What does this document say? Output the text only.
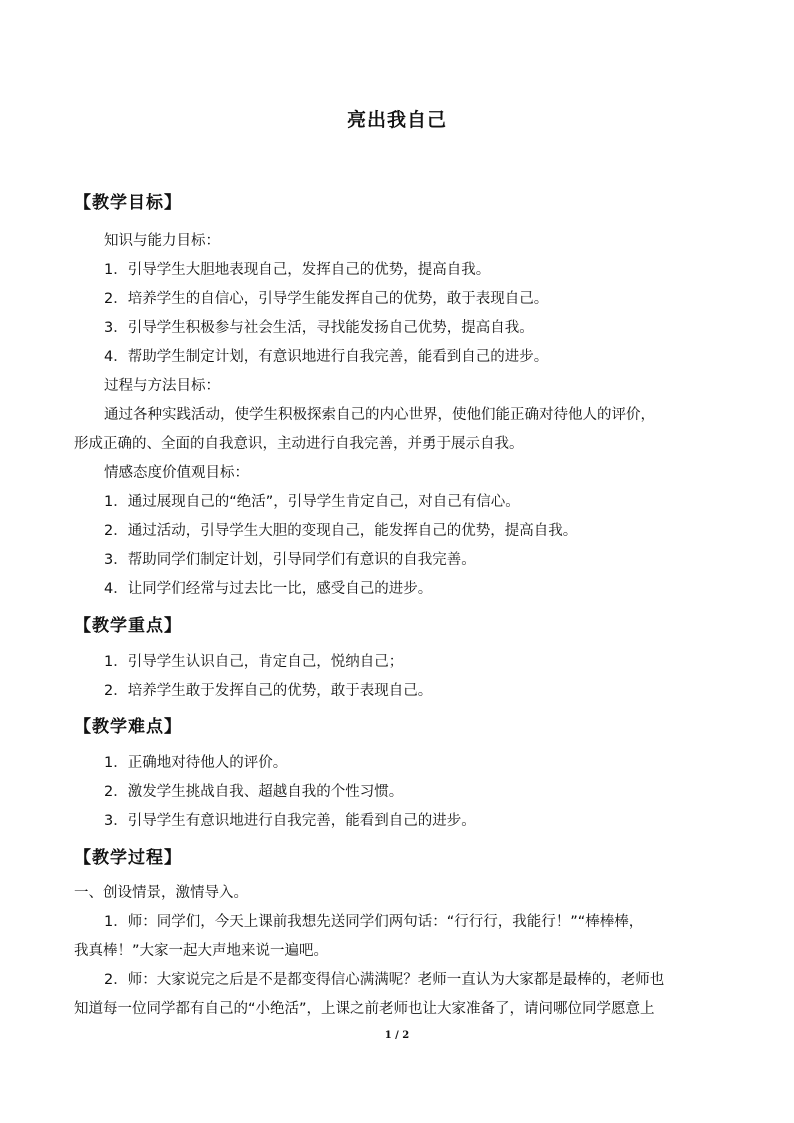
亮出我自己
【教学目标】
知识与能力目标：
1．引导学生大胆地表现自己，发挥自己的优势，提高自我。
2．培养学生的自信心，引导学生能发挥自己的优势，敢于表现自己。
3．引导学生积极参与社会生活，寻找能发扬自己优势，提高自我。
4．帮助学生制定计划，有意识地进行自我完善，能看到自己的进步。
过程与方法目标：
通过各种实践活动，使学生积极探索自己的内心世界，使他们能正确对待他人的评价，
形成正确的、全面的自我意识，主动进行自我完善，并勇于展示自我。
情感态度价值观目标：
1．通过展现自己的“绝活”，引导学生肯定自己，对自己有信心。
2．通过活动，引导学生大胆的变现自己，能发挥自己的优势，提高自我。
3．帮助同学们制定计划，引导同学们有意识的自我完善。
4．让同学们经常与过去比一比，感受自己的进步。
【教学重点】
1．引导学生认识自己，肯定自己，悦纳自己；
2．培养学生敢于发挥自己的优势，敢于表现自己。
【教学难点】
1．正确地对待他人的评价。
2．激发学生挑战自我、超越自我的个性习惯。
3．引导学生有意识地进行自我完善，能看到自己的进步。
【教学过程】
一、创设情景，激情导入。
1．师：同学们，今天上课前我想先送同学们两句话：“行行行，我能行！”“棒棒棒，
我真棒！”大家一起大声地来说一遍吧。
2．师：大家说完之后是不是都变得信心满满呢？老师一直认为大家都是最棒的，老师也
知道每一位同学都有自己的“小绝活”，上课之前老师也让大家准备了，请问哪位同学愿意上
1 / 2
